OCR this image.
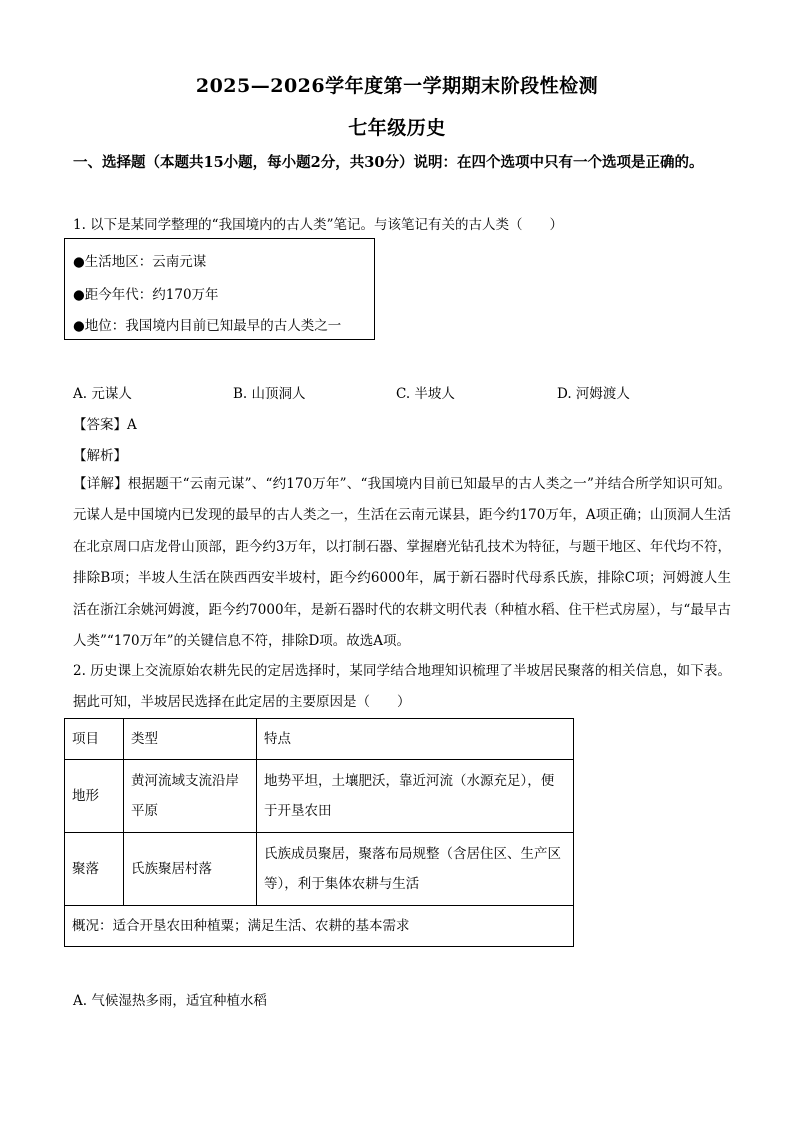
2025—2026学年度第一学期期末阶段性检测
七年级历史
一、选择题（本题共15小题，每小题2分，共30分）说明：在四个选项中只有一个选项是正确的。
1. 以下是某同学整理的“我国境内的古人类”笔记。与该笔记有关的古人类（　　）
●生活地区：云南元谋
●距今年代：约170万年
●地位：我国境内目前已知最早的古人类之一
A. 元谋人	B. 山顶洞人	C. 半坡人	D. 河姆渡人
【答案】A
【解析】
【详解】根据题干“云南元谋”、“约170万年”、“我国境内目前已知最早的古人类之一”并结合所学知识可知。元谋人是中国境内已发现的最早的古人类之一，生活在云南元谋县，距今约170万年，A项正确；山顶洞人生活在北京周口店龙骨山顶部，距今约3万年，以打制石器、掌握磨光钻孔技术为特征，与题干地区、年代均不符，排除B项；半坡人生活在陕西西安半坡村，距今约6000年，属于新石器时代母系氏族，排除C项；河姆渡人生活在浙江余姚河姆渡，距今约7000年，是新石器时代的农耕文明代表（种植水稻、住干栏式房屋），与“最早古人类”“170万年”的关键信息不符，排除D项。故选A项。
2. 历史课上交流原始农耕先民的定居选择时，某同学结合地理知识梳理了半坡居民聚落的相关信息，如下表。据此可知，半坡居民选择在此定居的主要原因是（　　）
项目	类型	特点
地形	黄河流域支流沿岸平原	地势平坦，土壤肥沃，靠近河流（水源充足），便于开垦农田
聚落	氏族聚居村落	氏族成员聚居，聚落布局规整（含居住区、生产区等），利于集体农耕与生活
概况：适合开垦农田种植粟；满足生活、农耕的基本需求		
A. 气候湿热多雨，适宜种植水稻
